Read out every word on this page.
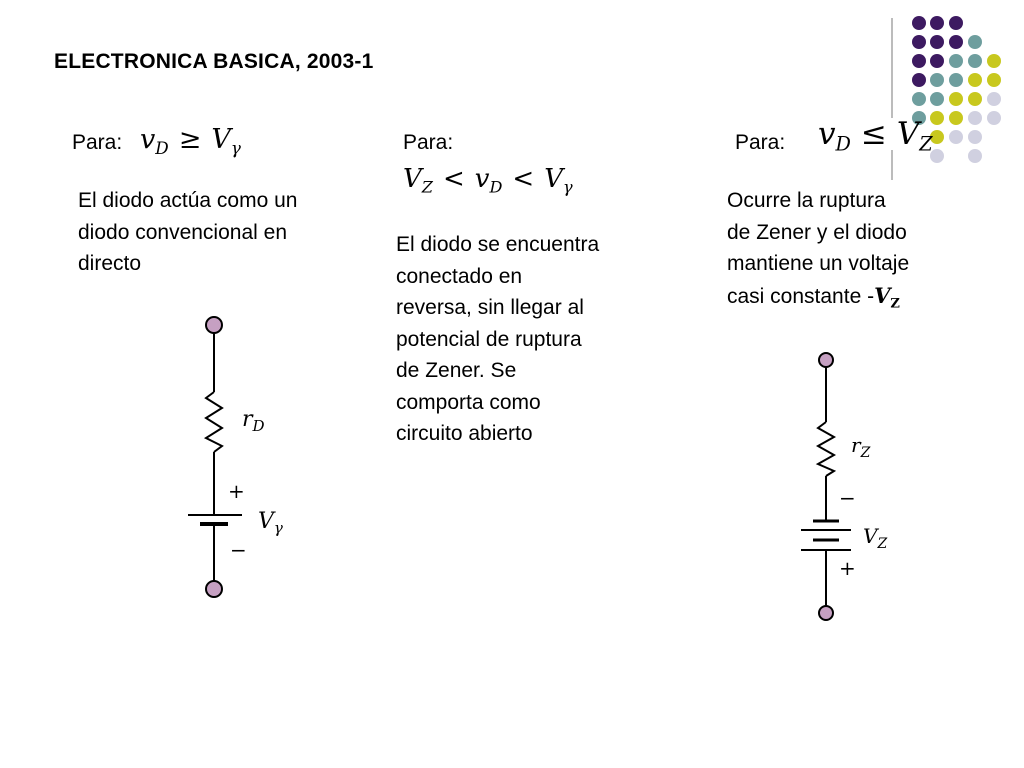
ELECTRONICA BASICA, 2003-1
Para: $v_D \ge V_\gamma$
El diodo actúa como un
diodo convencional en
directo
$r_D$
+
−
$V_\gamma$
Para:
$V_Z < v_D < V_\gamma$
El diodo se encuentra
conectado en
reversa, sin llegar al
potencial de ruptura
de Zener. Se
comporta como
circuito abierto
Para: $v_D \le V_Z$
Ocurre la ruptura
de Zener y el diodo
mantiene un voltaje
casi constante $-V_Z$
$r_Z$
−
+
$V_Z$
